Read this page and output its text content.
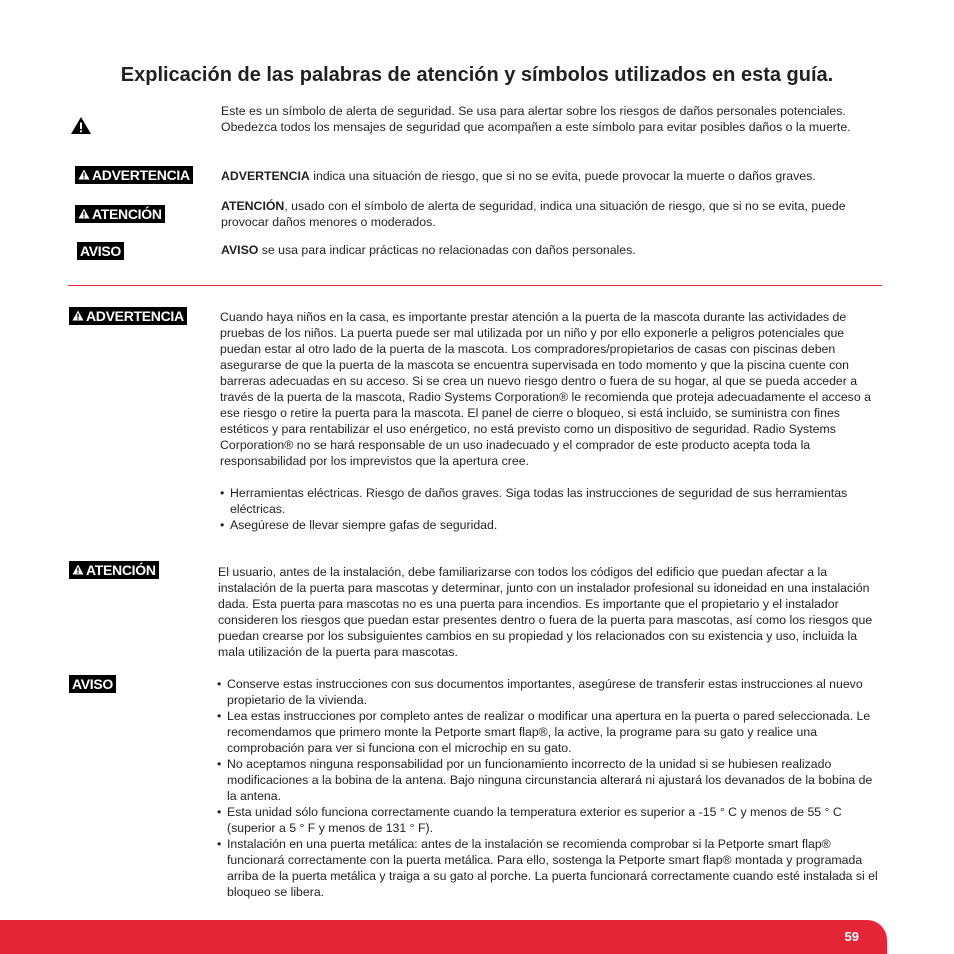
Explicación de las palabras de atención y símbolos utilizados en esta guía.

Este es un símbolo de alerta de seguridad. Se usa para alertar sobre los riesgos de daños personales potenciales. Obedezca todos los mensajes de seguridad que acompañen a este símbolo para evitar posibles daños o la muerte.

ADVERTENCIA	ADVERTENCIA indica una situación de riesgo, que si no se evita, puede provocar la muerte o daños graves.

ATENCIÓN	ATENCIÓN, usado con el símbolo de alerta de seguridad, indica una situación de riesgo, que si no se evita, puede provocar daños menores o moderados.

AVISO	AVISO se usa para indicar prácticas no relacionadas con daños personales.

ADVERTENCIA	Cuando haya niños en la casa, es importante prestar atención a la puerta de la mascota durante las actividades de pruebas de los niños. La puerta puede ser mal utilizada por un niño y por ello exponerle a peligros potenciales que puedan estar al otro lado de la puerta de la mascota. Los compradores/propietarios de casas con piscinas deben asegurarse de que la puerta de la mascota se encuentra supervisada en todo momento y que la piscina cuente con barreras adecuadas en su acceso. Si se crea un nuevo riesgo dentro o fuera de su hogar, al que se pueda acceder a través de la puerta de la mascota, Radio Systems Corporation® le recomienda que proteja adecuadamente el acceso a ese riesgo o retire la puerta para la mascota. El panel de cierre o bloqueo, si está incluido, se suministra con fines estéticos y para rentabilizar el uso enérgetico, no está previsto como un dispositivo de seguridad. Radio Systems Corporation® no se hará responsable de un uso inadecuado y el comprador de este producto acepta toda la responsabilidad por los imprevistos que la apertura cree.

• Herramientas eléctricas. Riesgo de daños graves. Siga todas las instrucciones de seguridad de sus herramientas eléctricas.
• Asegúrese de llevar siempre gafas de seguridad.
ATENCIÓN	El usuario, antes de la instalación, debe familiarizarse con todos los códigos del edificio que puedan afectar a la instalación de la puerta para mascotas y determinar, junto con un instalador profesional su idoneidad en una instalación dada. Esta puerta para mascotas no es una puerta para incendios. Es importante que el propietario y el instalador consideren los riesgos que puedan estar presentes dentro o fuera de la puerta para mascotas, así como los riesgos que puedan crearse por los subsiguientes cambios en su propiedad y los relacionados con su existencia y uso, incluida la mala utilización de la puerta para mascotas.

AVISO
•	Conserve estas instrucciones con sus documentos importantes, asegúrese de transferir estas instrucciones al nuevo propietario de la vivienda.
• Lea estas instrucciones por completo antes de realizar o modificar una apertura en la puerta o pared seleccionada. Le recomendamos que primero monte la Petporte smart flap®, la active, la programe para su gato y realice una comprobación para ver si funciona con el microchip en su gato.
• No aceptamos ninguna responsabilidad por un funcionamiento incorrecto de la unidad si se hubiesen realizado modificaciones a la bobina de la antena. Bajo ninguna circunstancia alterará ni ajustará los devanados de la bobina de la antena.
• Esta unidad sólo funciona correctamente cuando la temperatura exterior es superior a -15 ° C y menos de 55 ° C (superior a 5 ° F y menos de 131 ° F).
• Instalación en una puerta metálica: antes de la instalación se recomienda comprobar si la Petporte smart flap® funcionará correctamente con la puerta metálica. Para ello, sostenga la Petporte smart flap® montada y programada arriba de la puerta metálica y traiga a su gato al porche. La puerta funcionará correctamente cuando esté instalada si el bloqueo se libera.
59
